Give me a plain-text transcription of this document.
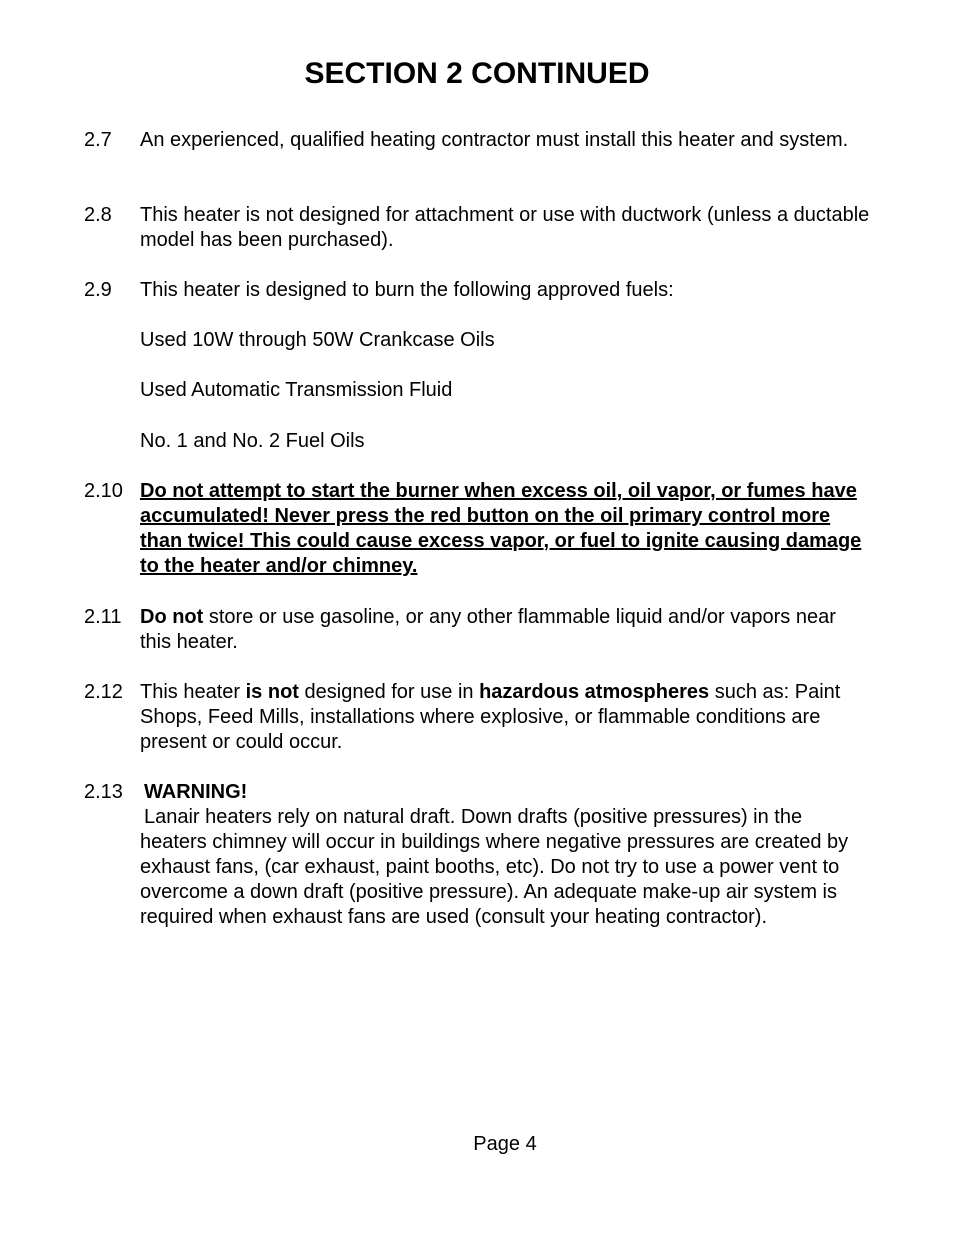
SECTION 2 CONTINUED
2.7 An experienced, qualified heating contractor must install this heater and system.
2.8 This heater is not designed for attachment or use with ductwork (unless a ductable model has been purchased).
2.9 This heater is designed to burn the following approved fuels:
Used 10W through 50W Crankcase Oils
Used Automatic Transmission Fluid
No. 1 and No. 2 Fuel Oils
2.10 Do not attempt to start the burner when excess oil, oil vapor, or fumes have accumulated! Never press the red button on the oil primary control more than twice! This could cause excess vapor, or fuel to ignite causing damage to the heater and/or chimney.
2.11 Do not store or use gasoline, or any other flammable liquid and/or vapors near this heater.
2.12 This heater is not designed for use in hazardous atmospheres such as: Paint Shops, Feed Mills, installations where explosive, or flammable conditions are present or could occur.
2.13 WARNING!
Lanair heaters rely on natural draft. Down drafts (positive pressures) in the heaters chimney will occur in buildings where negative pressures are created by exhaust fans, (car exhaust, paint booths, etc). Do not try to use a power vent to overcome a down draft (positive pressure). An adequate make-up air system is required when exhaust fans are used (consult your heating contractor).
Page 4
